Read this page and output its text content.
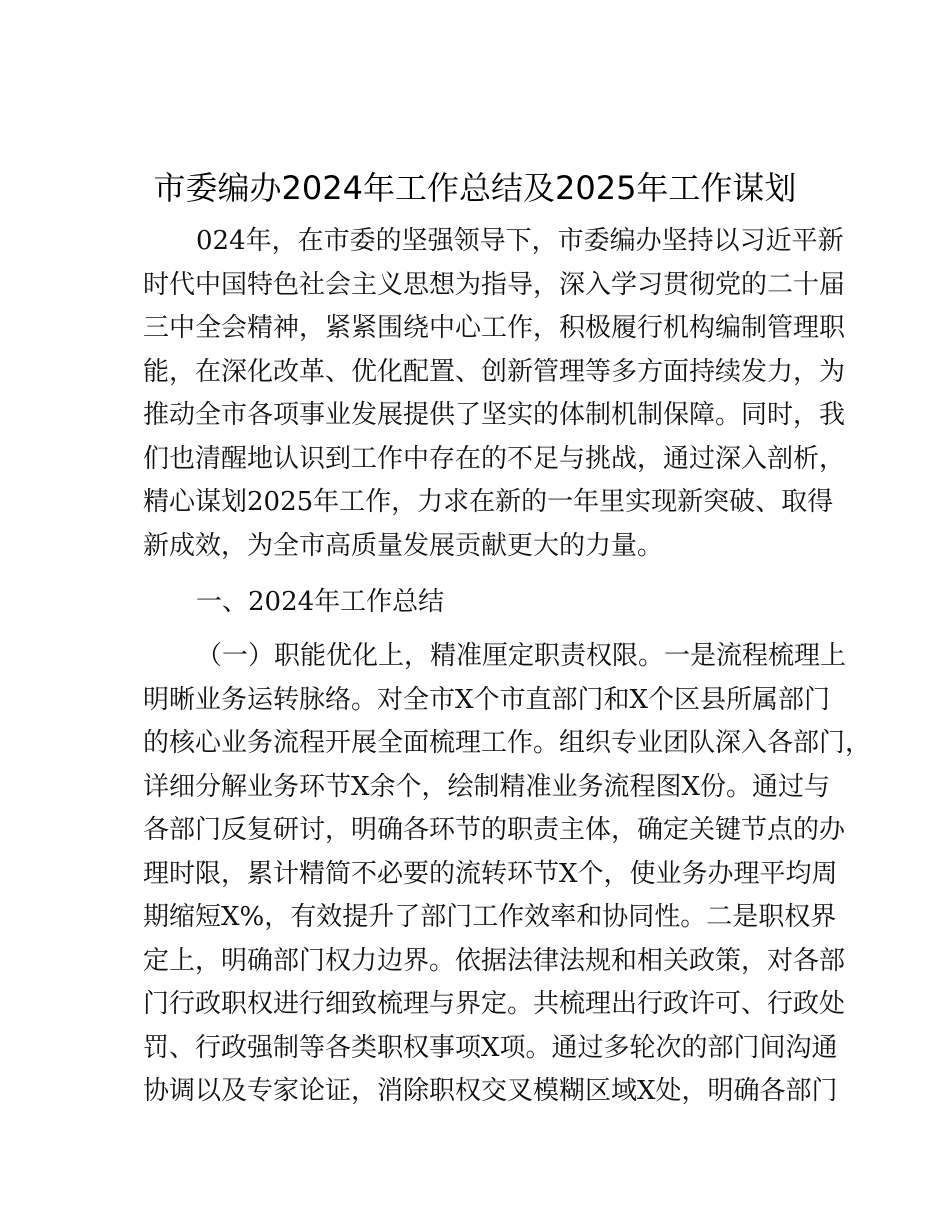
市委编办2024年工作总结及2025年工作谋划
024年，在市委的坚强领导下，市委编办坚持以习近平新
时代中国特色社会主义思想为指导，深入学习贯彻党的二十届
三中全会精神，紧紧围绕中心工作，积极履行机构编制管理职
能，在深化改革、优化配置、创新管理等多方面持续发力，为
推动全市各项事业发展提供了坚实的体制机制保障。同时，我
们也清醒地认识到工作中存在的不足与挑战，通过深入剖析，
精心谋划2025年工作，力求在新的一年里实现新突破、取得
新成效，为全市高质量发展贡献更大的力量。
一、2024年工作总结
（一）职能优化上，精准厘定职责权限。一是流程梳理上
明晰业务运转脉络。对全市X个市直部门和X个区县所属部门
的核心业务流程开展全面梳理工作。组织专业团队深入各部门，
详细分解业务环节X余个，绘制精准业务流程图X份。通过与
各部门反复研讨，明确各环节的职责主体，确定关键节点的办
理时限，累计精简不必要的流转环节X个，使业务办理平均周
期缩短X%，有效提升了部门工作效率和协同性。二是职权界
定上，明确部门权力边界。依据法律法规和相关政策，对各部
门行政职权进行细致梳理与界定。共梳理出行政许可、行政处
罚、行政强制等各类职权事项X项。通过多轮次的部门间沟通
协调以及专家论证，消除职权交叉模糊区域X处，明确各部门
